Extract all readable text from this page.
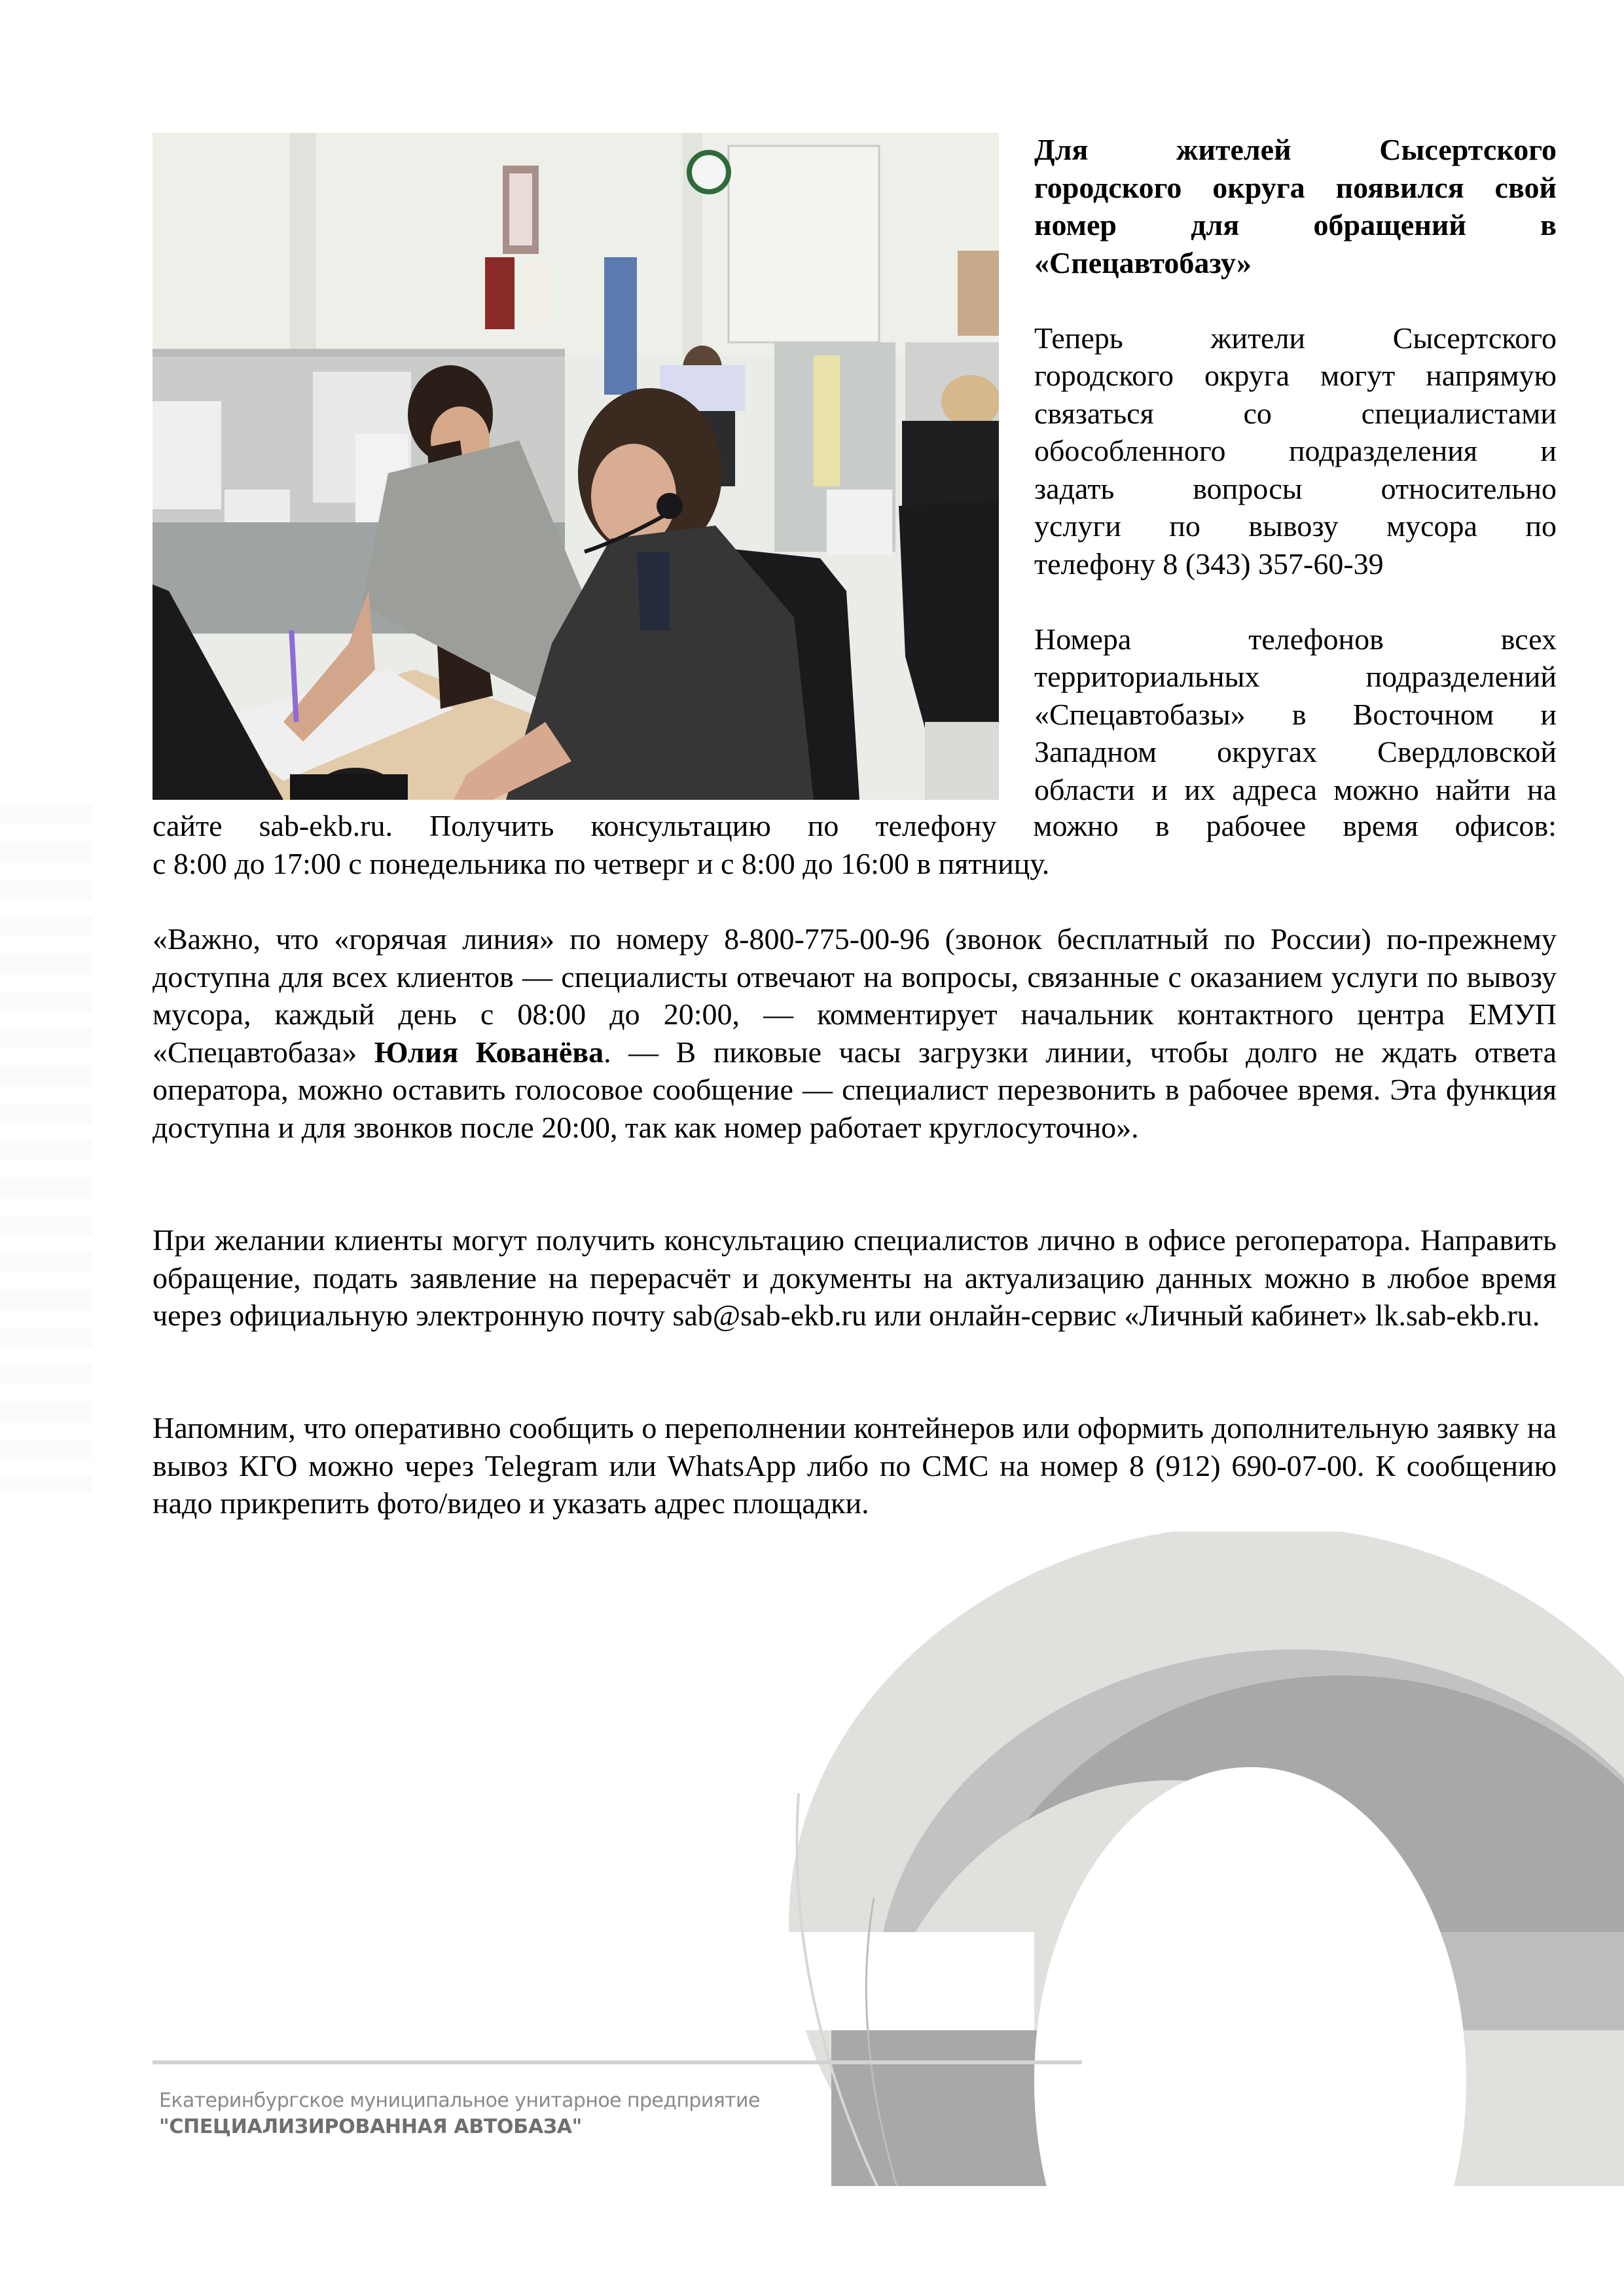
Для жителей Сысертского
городского округа появился свой
номер для обращений в
«Спецавтобазу»

Теперь жители Сысертского
городского округа могут напрямую
связаться со специалистами
обособленного подразделения и
задать вопросы относительно
услуги по вывозу мусора по
телефону 8 (343) 357-60-39

Номера телефонов всех
территориальных подразделений
«Спецавтобазы» в Восточном и
Западном округах Свердловской
области и их адреса можно найти на

сайте sab-ekb.ru. Получить консультацию по телефону можно в рабочее время офисов:
с 8:00 до 17:00 с понедельника по четверг и с 8:00 до 16:00 в пятницу.

«Важно, что «горячая линия» по номеру 8-800-775-00-96 (звонок бесплатный по России) по-прежнему доступна для всех клиентов — специалисты отвечают на вопросы, связанные с оказанием услуги по вывозу мусора, каждый день с 08:00 до 20:00, — комментирует начальник контактного центра ЕМУП «Спецавтобаза» Юлия Кованёва. — В пиковые часы загрузки линии, чтобы долго не ждать ответа оператора, можно оставить голосовое сообщение — специалист перезвонить в рабочее время. Эта функция доступна и для звонков после 20:00, так как номер работает круглосуточно».

При желании клиенты могут получить консультацию специалистов лично в офисе регоператора. Направить обращение, подать заявление на перерасчёт и документы на актуализацию данных можно в любое время через официальную электронную почту sab@sab-ekb.ru или онлайн-сервис «Личный кабинет» lk.sab-ekb.ru.

Напомним, что оперативно сообщить о переполнении контейнеров или оформить дополнительную заявку на вывоз КГО можно через Telegram или WhatsApp либо по СМС на номер 8 (912) 690-07-00. К сообщению надо прикрепить фото/видео и указать адрес площадки.

Екатеринбургское муниципальное унитарное предприятие
"СПЕЦИАЛИЗИРОВАННАЯ АВТОБАЗА"
